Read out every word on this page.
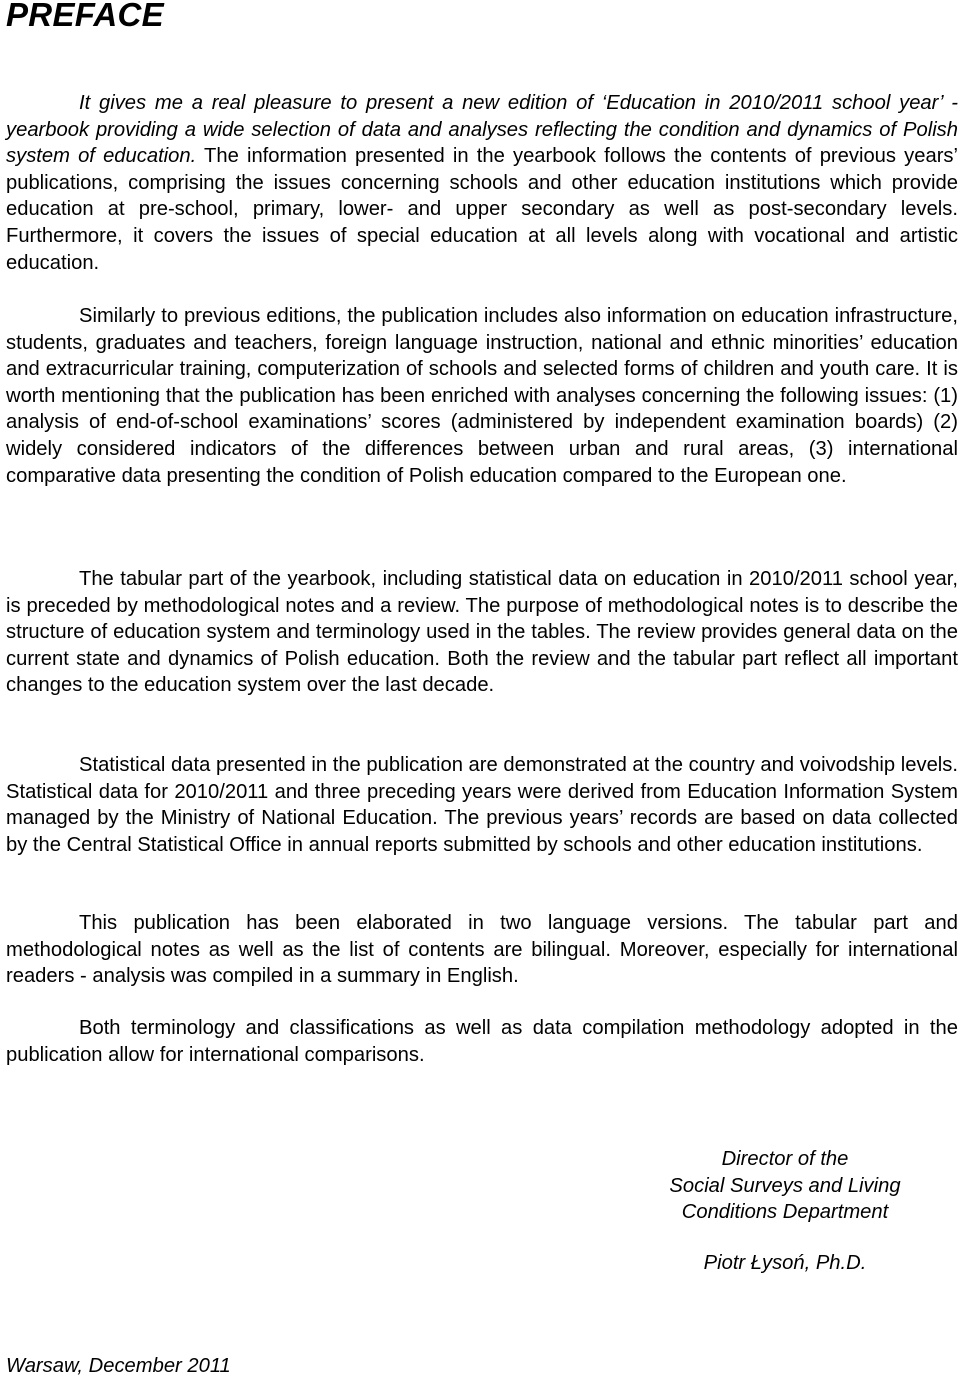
PREFACE

It gives me a real pleasure to present a new edition of ‘Education in 2010/2011 school year’ - yearbook providing a wide selection of data and analyses reflecting the condition and dynamics of Polish system of education. The information presented in the yearbook follows the contents of previous years’ publications, comprising the issues concerning schools and other education institutions which provide education at pre-school, primary, lower- and upper secondary as well as post-secondary levels. Furthermore, it covers the issues of special education at all levels along with vocational and artistic education.

Similarly to previous editions, the publication includes also information on education infrastructure, students, graduates and teachers, foreign language instruction, national and ethnic minorities’ education and extracurricular training, computerization of schools and selected forms of children and youth care. It is worth mentioning that the publication has been enriched with analyses concerning the following issues: (1) analysis of end-of-school examinations’ scores (administered by independent examination boards) (2) widely considered indicators of the differences between urban and rural areas, (3) international comparative data presenting the condition of Polish education compared to the European one.

The tabular part of the yearbook, including statistical data on education in 2010/2011 school year, is preceded by methodological notes and a review. The purpose of methodological notes is to describe the structure of education system and terminology used in the tables. The review provides general data on the current state and dynamics of Polish education. Both the review and the tabular part reflect all important changes to the education system over the last decade.

Statistical data presented in the publication are demonstrated at the country and voivodship levels. Statistical data for 2010/2011 and three preceding years were derived from Education Information System managed by the Ministry of National Education. The previous years’ records are based on data collected by the Central Statistical Office in annual reports submitted by schools and other education institutions.

This publication has been elaborated in two language versions. The tabular part and methodological notes as well as the list of contents are bilingual. Moreover, especially for international readers - analysis was compiled in a summary in English.

Both terminology and classifications as well as data compilation methodology adopted in the publication allow for international comparisons.

Director of the
Social Surveys and Living
Conditions Department
Piotr Łysoń, Ph.D.

Warsaw, December 2011
